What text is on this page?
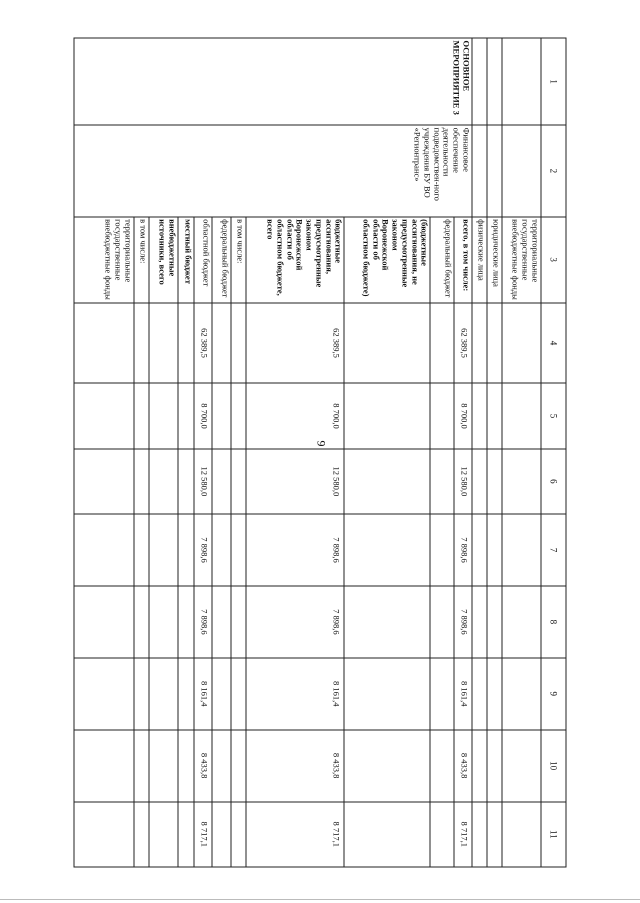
9
1	2	3	4	5	6	7	8	9	10	11
		территориальные государственные внебюджетные фонды								
		юридические лица								
		физические лица								
ОСНОВНОЕ МЕРОПРИЯТИЕ 3	Финансовое обеспечение деятельности подведомствен-ного учреждения БУ ВО «Регионтранс»	всего, в том числе:	62 389,5	8 700,0	12 580,0	7 898,6	7 898,6	8 161,4	8 433,8	8 717,1
		федеральный бюджет								
		(бюджетные ассигнования, не предусмотренные законом Воронежской области об областном бюджете)								
		бюджетные ассигнования, предусмотренные законом Воронежской области об областном бюджете, всего	62 389,5	8 700,0	12 580,0	7 898,6	7 898,6	8 161,4	8 433,8	8 717,1
		в том числе:								
		федеральный бюджет								
		областной бюджет	62 389,5	8 700,0	12 580,0	7 898,6	7 898,6	8 161,4	8 433,8	8 717,1
		местный бюджет								
		внебюджетные источники, всего								
		в том числе:								
		территориальные государственные внебюджетные фонды								
